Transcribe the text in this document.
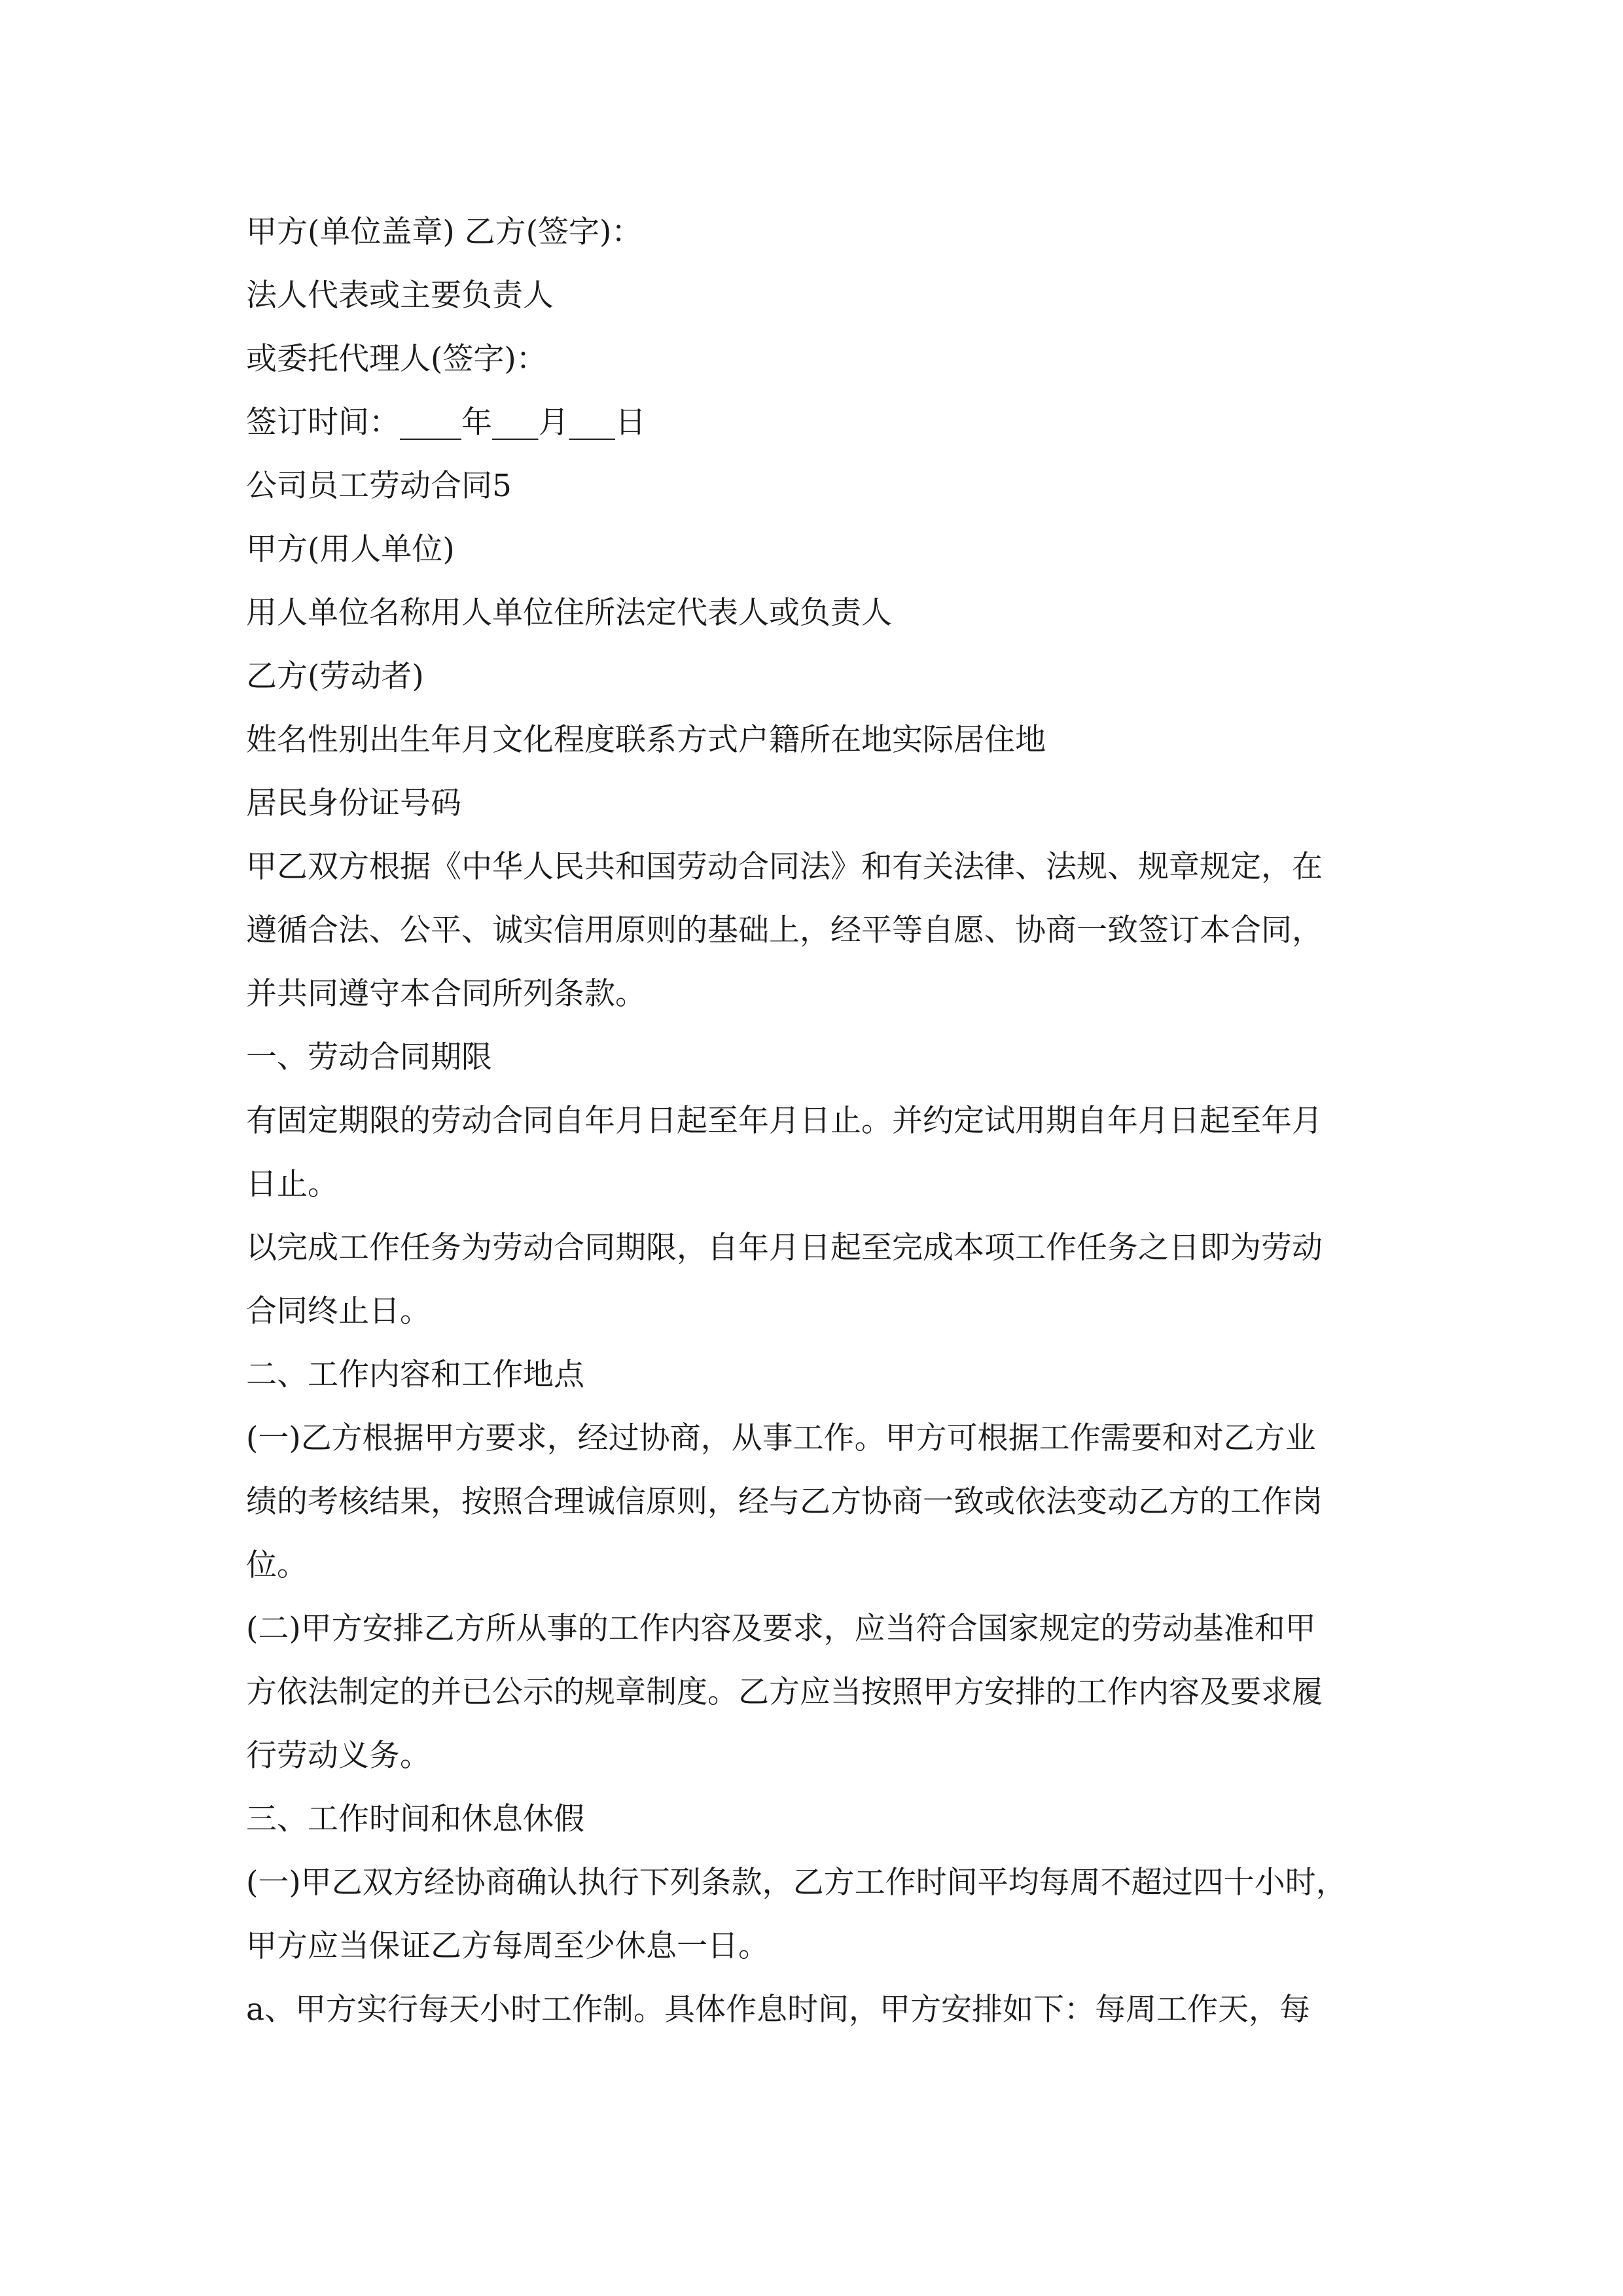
甲方(单位盖章) 乙方(签字)：
法人代表或主要负责人
或委托代理人(签字)：
签订时间：____年___月___日
公司员工劳动合同5
甲方(用人单位)
用人单位名称用人单位住所法定代表人或负责人
乙方(劳动者)
姓名性别出生年月文化程度联系方式户籍所在地实际居住地
居民身份证号码
甲乙双方根据《中华人民共和国劳动合同法》和有关法律、法规、规章规定，在
遵循合法、公平、诚实信用原则的基础上，经平等自愿、协商一致签订本合同，
并共同遵守本合同所列条款。
一、劳动合同期限
有固定期限的劳动合同自年月日起至年月日止。并约定试用期自年月日起至年月
日止。
以完成工作任务为劳动合同期限，自年月日起至完成本项工作任务之日即为劳动
合同终止日。
二、工作内容和工作地点
(一)乙方根据甲方要求，经过协商，从事工作。甲方可根据工作需要和对乙方业
绩的考核结果，按照合理诚信原则，经与乙方协商一致或依法变动乙方的工作岗
位。
(二)甲方安排乙方所从事的工作内容及要求，应当符合国家规定的劳动基准和甲
方依法制定的并已公示的规章制度。乙方应当按照甲方安排的工作内容及要求履
行劳动义务。
三、工作时间和休息休假
(一)甲乙双方经协商确认执行下列条款，乙方工作时间平均每周不超过四十小时，
甲方应当保证乙方每周至少休息一日。
a、甲方实行每天小时工作制。具体作息时间，甲方安排如下：每周工作天，每
